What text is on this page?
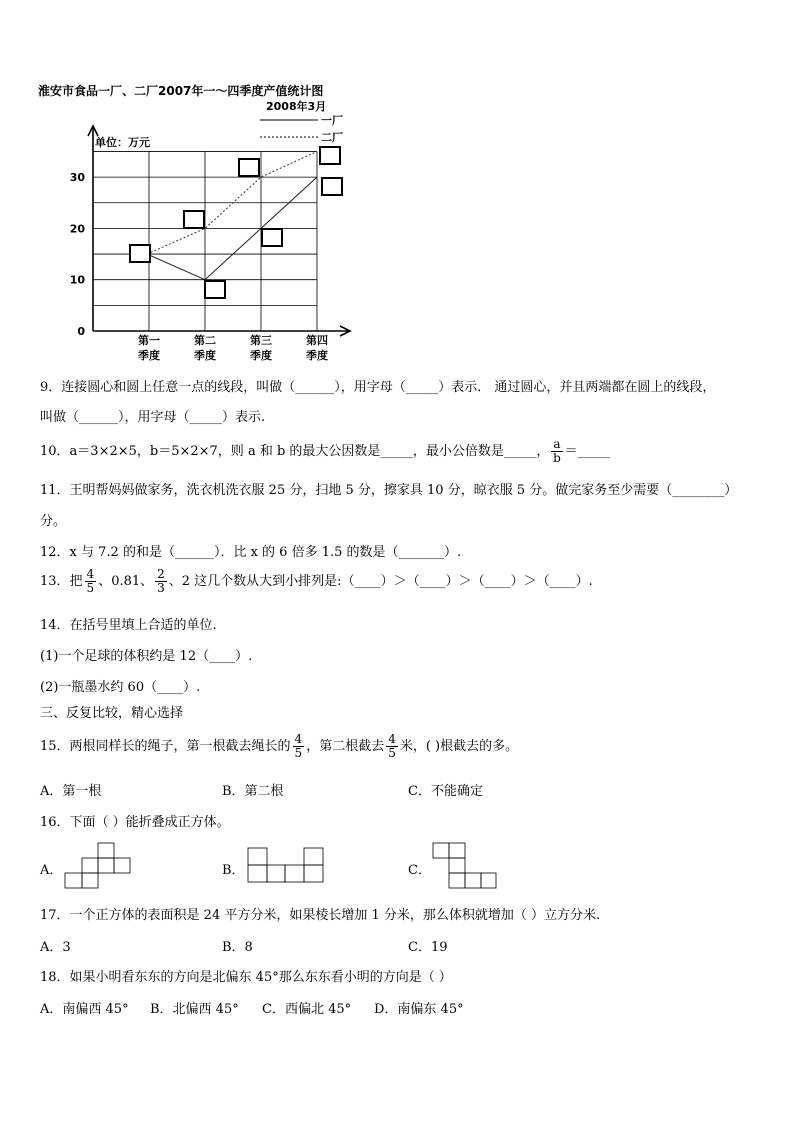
淮安市食品一厂、二厂2007年一～四季度产值统计图
2008年3月
一厂
二厂
单位：万元
0
10
20
30
第一
季度
第二
季度
第三
季度
第四
季度
9．连接圆心和圆上任意一点的线段，叫做（______），用字母（_____）表示． 通过圆心，并且两端都在圆上的线段，
叫做（______），用字母（_____）表示.
10．a＝3×2×5，b＝5×2×7，则 a 和 b 的最大公因数是_____，最小公倍数是_____， $\frac{a}{b}$ ＝_____
11．王明帮妈妈做家务，洗衣机洗衣服 25 分，扫地 5 分，擦家具 10 分，晾衣服 5 分。做完家务至少需要（________）
分。
12．x 与 7.2 的和是（______）．比 x 的 6 倍多 1.5 的数是（_______）.
13．把 $\frac{4}{5}$ 、0.81、 $\frac{2}{3}$ 、2 这几个数从大到小排列是:（____）＞（____）＞（____）＞（____）.
14．在括号里填上合适的单位.
(1)一个足球的体积约是 12（____）.
(2)一瓶墨水约 60（____）.
三、反复比较，精心选择
15．两根同样长的绳子，第一根截去绳长的 $\frac{4}{5}$ ，第二根截去 $\frac{4}{5}$ 米，( )根截去的多。
A．第一根	B．第二根	C．不能确定
16．下面（ ）能折叠成正方体。
A．	B．	C．
17．一个正方体的表面积是 24 平方分米，如果棱长增加 1 分米，那么体积就增加（ ）立方分米.
A．3	B．8	C．19
18．如果小明看东东的方向是北偏东 45°那么东东看小明的方向是（ ）
A．南偏西 45° B．北偏西 45° C．西偏北 45° D．南偏东 45°
